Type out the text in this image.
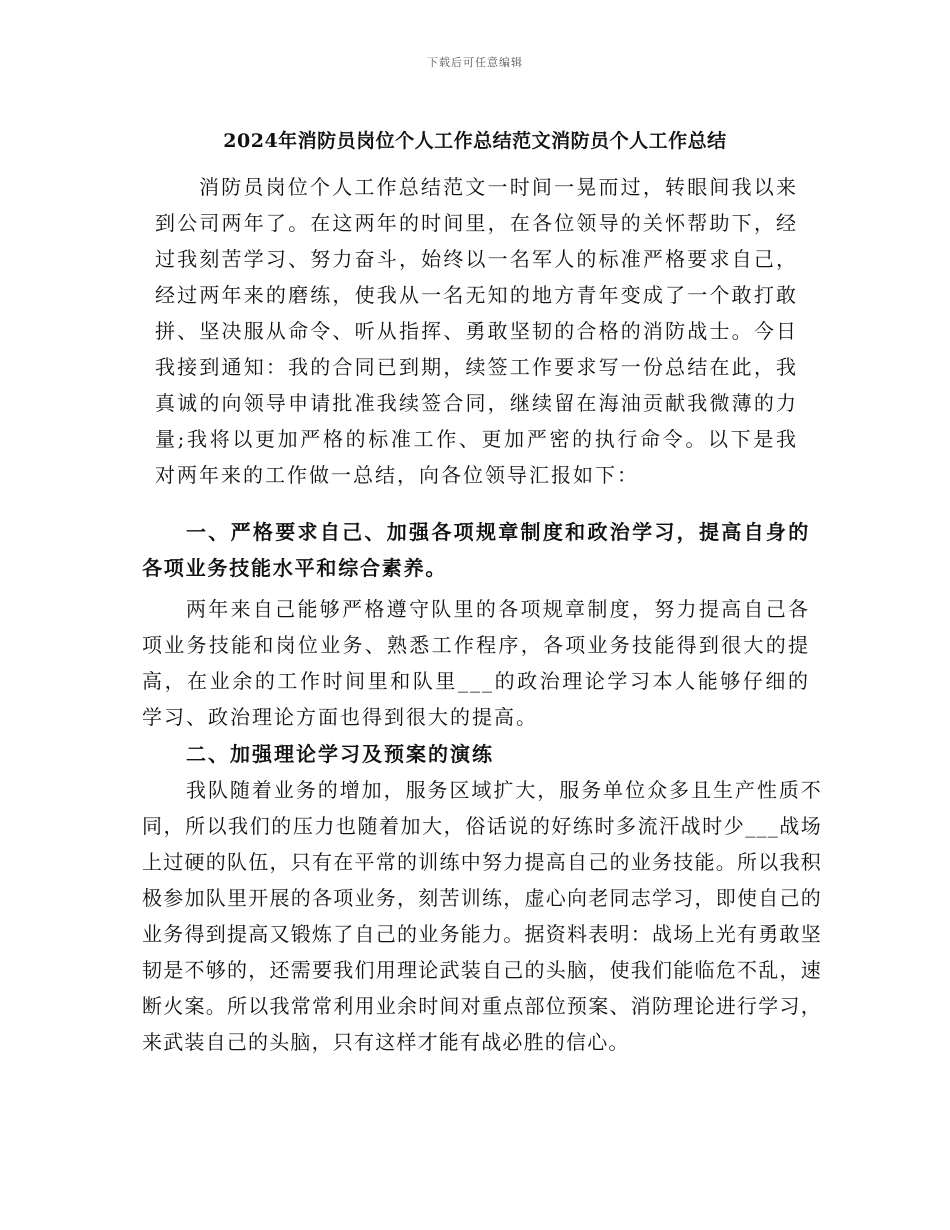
下载后可任意编辑
2024年消防员岗位个人工作总结范文消防员个人工作总结
消防员岗位个人工作总结范文一时间一晃而过，转眼间我以来到公司两年了。在这两年的时间里，在各位领导的关怀帮助下，经过我刻苦学习、努力奋斗，始终以一名军人的标准严格要求自己，经过两年来的磨练，使我从一名无知的地方青年变成了一个敢打敢拼、坚决服从命令、听从指挥、勇敢坚韧的合格的消防战士。今日我接到通知：我的合同已到期，续签工作要求写一份总结在此，我真诚的向领导申请批准我续签合同，继续留在海油贡献我微薄的力量;我将以更加严格的标准工作、更加严密的执行命令。以下是我对两年来的工作做一总结，向各位领导汇报如下：
一、严格要求自己、加强各项规章制度和政治学习，提高自身的各项业务技能水平和综合素养。
两年来自己能够严格遵守队里的各项规章制度，努力提高自己各项业务技能和岗位业务、熟悉工作程序，各项业务技能得到很大的提高，在业余的工作时间里和队里___的政治理论学习本人能够仔细的学习、政治理论方面也得到很大的提高。
二、加强理论学习及预案的演练
我队随着业务的增加，服务区域扩大，服务单位众多且生产性质不同，所以我们的压力也随着加大，俗话说的好练时多流汗战时少___战场上过硬的队伍，只有在平常的训练中努力提高自己的业务技能。所以我积极参加队里开展的各项业务，刻苦训练，虚心向老同志学习，即使自己的业务得到提高又锻炼了自己的业务能力。据资料表明：战场上光有勇敢坚韧是不够的，还需要我们用理论武装自己的头脑，使我们能临危不乱，速断火案。所以我常常利用业余时间对重点部位预案、消防理论进行学习，来武装自己的头脑，只有这样才能有战必胜的信心。
